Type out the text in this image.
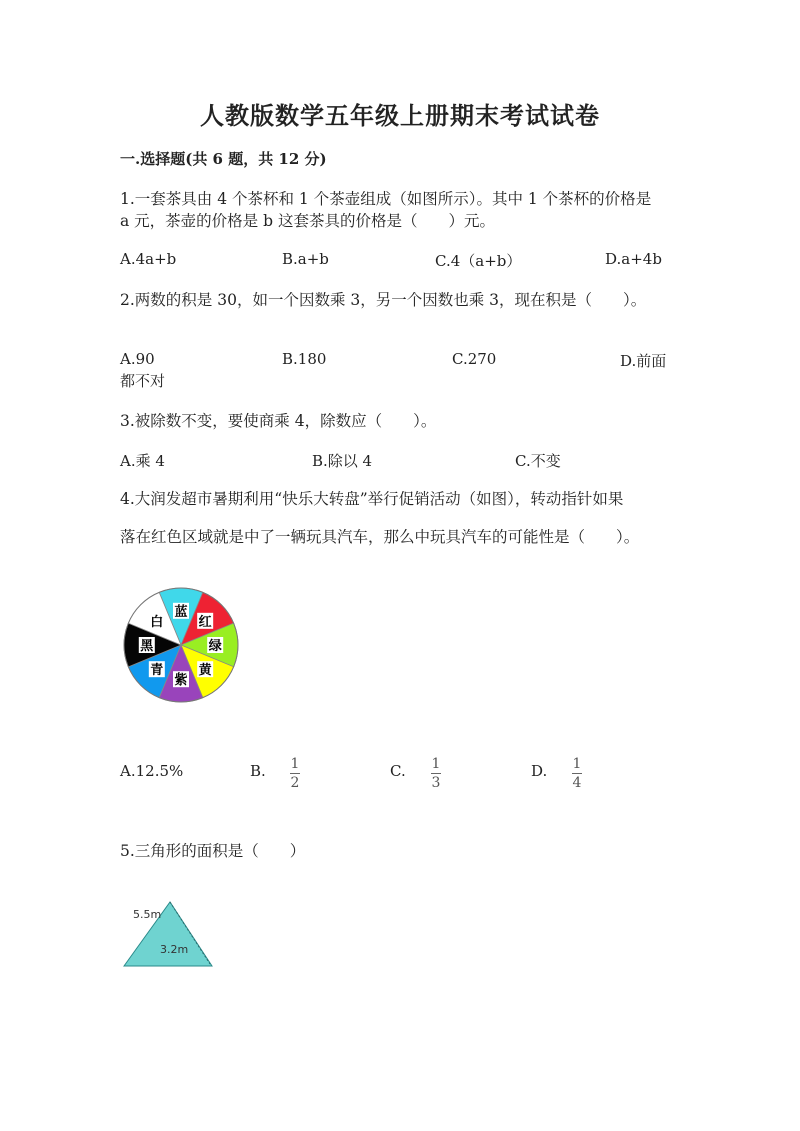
人教版数学五年级上册期末考试试卷
一.选择题(共 6 题，共 12 分)
1.一套茶具由 4 个茶杯和 1 个茶壶组成（如图所示）。其中 1 个茶杯的价格是
a 元，茶壶的价格是 b 这套茶具的价格是（　　）元。
A.4a+b	B.a+b	C.4（a+b）	D.a+4b
2.两数的积是 30，如一个因数乘 3，另一个因数也乘 3，现在积是（　　）。
A.90	B.180	C.270	D.前面
都不对
3.被除数不变，要使商乘 4，除数应（　　）。
A.乘 4	B.除以 4	C.不变
4.大润发超市暑期利用“快乐大转盘”举行促销活动（如图），转动指针如果
落在红色区域就是中了一辆玩具汽车，那么中玩具汽车的可能性是（　　）。
蓝
红
绿
黄
紫
青
黑
白
A.12.5%	B. 1
2
C. 1
3
D. 1
4
5.三角形的面积是（　　）
5.5m
3.2m
